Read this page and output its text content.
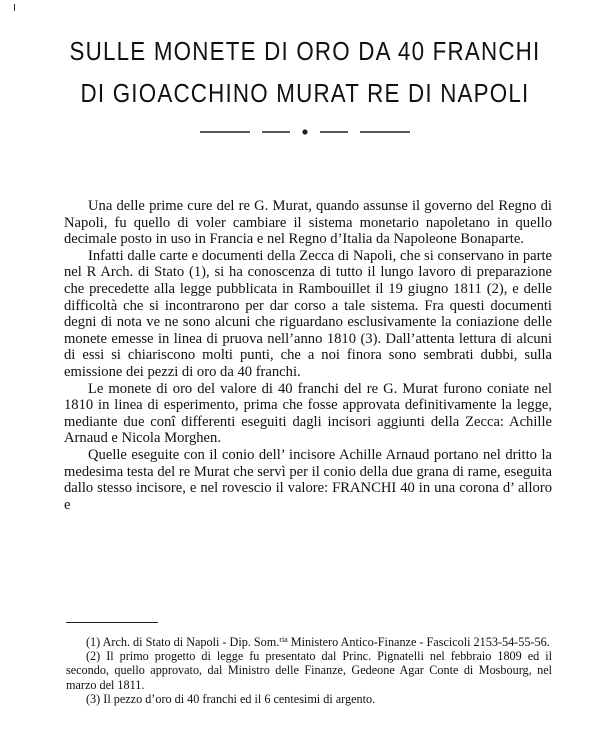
SULLE MONETE DI ORO DA 40 FRANCHI
DI GIOACCHINO MURAT RE DI NAPOLI

Una delle prime cure del re G. Murat, quando assunse il governo del Regno di Napoli, fu quello di voler cambiare il sistema monetario napoletano in quello decimale posto in uso in Francia e nel Regno d’Italia da Napoleone Bonaparte.

Infatti dalle carte e documenti della Zecca di Napoli, che si conservano in parte nel R Arch. di Stato (1), si ha conoscenza di tutto il lungo lavoro di preparazione che precedette alla legge pubblicata in Rambouillet il 19 giugno 1811 (2), e delle difficoltà che si incontrarono per dar corso a tale sistema. Fra questi documenti degni di nota ve ne sono alcuni che riguardano esclusivamente la coniazione delle monete emesse in linea di pruova nell’anno 1810 (3). Dall’attenta lettura di alcuni di essi si chiariscono molti punti, che a noi finora sono sembrati dubbi, sulla emissione dei pezzi di oro da 40 franchi.

Le monete di oro del valore di 40 franchi del re G. Murat furono coniate nel 1810 in linea di esperimento, prima che fosse approvata definitivamente la legge, mediante due conî differenti eseguiti dagli incisori aggiunti della Zecca: Achille Arnaud e Nicola Morghen.

Quelle eseguite con il conio dell’ incisore Achille Arnaud portano nel dritto la medesima testa del re Murat che servì per il conio della due grana di rame, eseguita dallo stesso incisore, e nel rovescio il valore: FRANCHI 40 in una corona d’ alloro e

(1) Arch. di Stato di Napoli - Dip. Som.$^{ria}$ Ministero Antico-Finanze - Fascicoli 2153-54-55-56.

(2) Il primo progetto di legge fu presentato dal Princ. Pignatelli nel febbraio 1809 ed il secondo, quello approvato, dal Ministro delle Finanze, Gedeone Agar Conte di Mosbourg, nel marzo del 1811.

(3) Il pezzo d’oro di 40 franchi ed il 6 centesimi di argento.
